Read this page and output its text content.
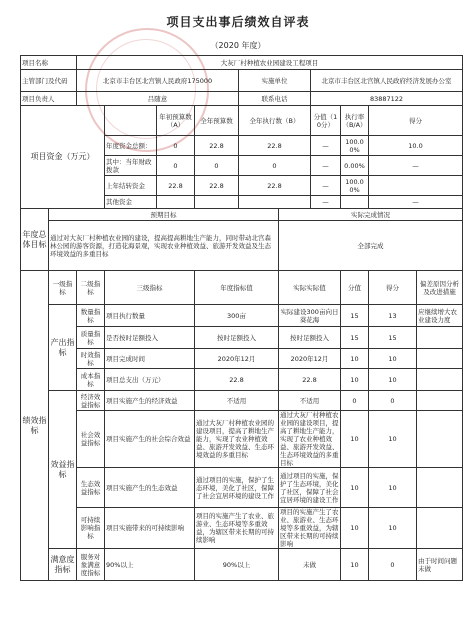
项目支出事后绩效自评表
（2020 年度）
项目名称		大灰厂村种植农业园建设工程项目									
主管部门及代码		北京市丰台区北宫镇人民政府175000				实施单位		北京市丰台区北宫镇人民政府经济发展办公室			
项目负责人		吕随意				联系电话		83887122			
项目资金（万元）				年初预算数（A）	全年预算数	全年执行数（B）		分值（10分）	执行率（B/A）	得分	
			年度资金总额：	0	22.8	22.8		—	100.00%	10.0	
			其中：当年财政拨款	0	0	0		—	0.00%	—	
			上年结转资金	22.8	22.8	22.8		—	100.00%		
			其他资金					—		—	
年度总体目标	预期目标						实际完成情况				
	通过对大灰厂村种植农业园的建设，提高提高耕地生产能力，同时带动北宫森林公园的游客资源，打造花海景观，实现农业种植效益、旅游开发效益及生态环境效益的多重目标						全部完成				
绩效指标	一级指标	二级指标	三级指标		年度指标值		实际实际值		分值	得分	偏差原因分析及改进措施
	产出指标	数量指标	项目执行数量		300亩		实际建设300亩向日葵花海		15	13	应继续增大农业建设力度
		质量指标	是否按时足额投入		按时足额投入		按时足额投入		15	15	
		时效指标	项目完成时间		2020年12月		2020年12月		10	10	
		成本指标	项目总支出（万元）		22.8		22.8		10	10	
	效益指标	经济效益指标	项目实施产生的经济效益		不适用		不适用		0	0	
		社会效益指标	项目实施产生的社会综合效益		通过大灰厂村种植农业园的建设项目，提高了耕地生产能力，实现了农业种植效益、旅游开发效益、生态环境效益的多重目标		通过大灰厂村种植农业园的建设项目，提高了耕地生产能力，实现了农业种植效益、旅游开发效益、生态环境效益的多重目标		10	10	
		生态效益指标	项目实施产生的生态效益		通过项目的实施，保护了生态环境，美化了社区，保障了社会宜居环境的建设工作		通过项目的实施，保护了生态环境，美化了社区，保障了社会宜居环境的建设工作		10	10	
		可持续影响指标	项目实施带来的可持续影响		项目的实施产生了农业、旅游业、生态环境等多重效益，为辖区带来长期的可持续影响		项目的实施产生了农业、旅游业、生态环境等多重效益，为辖区带来长期的可持续影响		10	10	
	满意度指标	服务对象满意度指标	90%以上		90%以上		未做		10	0	由于时间问题未做
